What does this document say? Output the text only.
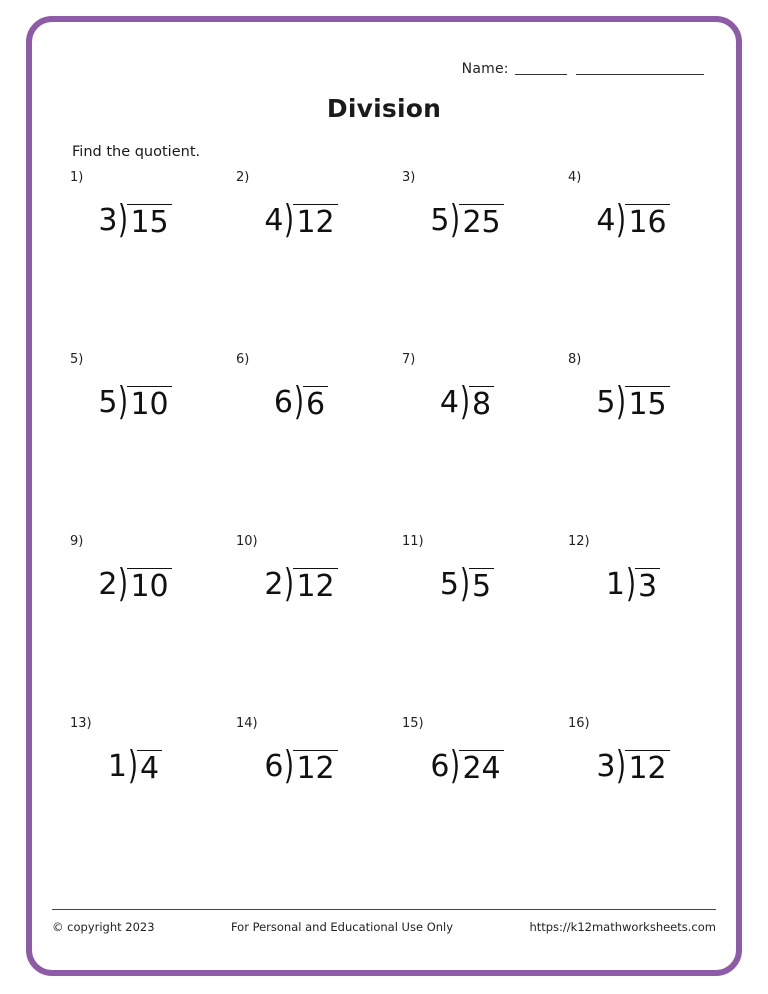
Name:
Division
Find the quotient.
1)
3 ) 15
2)
4 ) 12
3)
5 ) 25
4)
4 ) 16
5)
5 ) 10
6)
6 ) 6
7)
4 ) 8
8)
5 ) 15
9)
2 ) 10
10)
2 ) 12
11)
5 ) 5
12)
1 ) 3
13)
1 ) 4
14)
6 ) 12
15)
6 ) 24
16)
3 ) 12
© copyright 2023	For Personal and Educational Use Only	https://k12mathworksheets.com
